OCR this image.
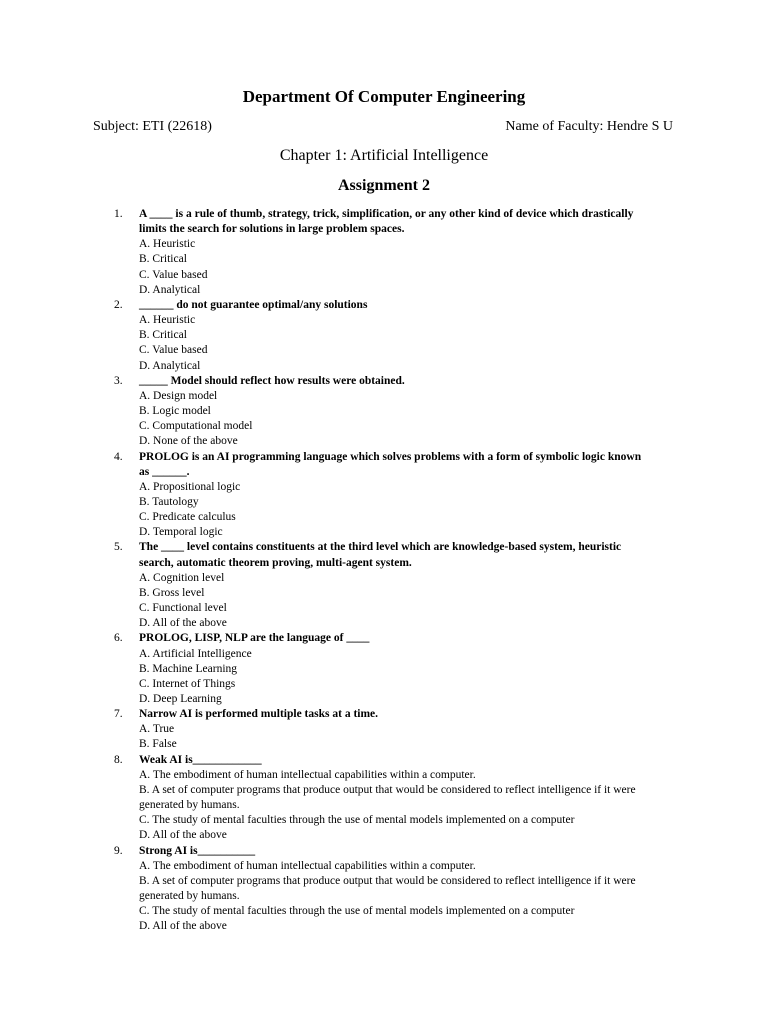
Department Of Computer Engineering
Subject: ETI (22618)	Name of Faculty: Hendre S U
Chapter 1: Artificial Intelligence
Assignment 2
1. A ____ is a rule of thumb, strategy, trick, simplification, or any other kind of device which drastically limits the search for solutions in large problem spaces.
A. Heuristic
B. Critical
C. Value based
D. Analytical
2. ______ do not guarantee optimal/any solutions
A. Heuristic
B. Critical
C. Value based
D. Analytical
3. _____ Model should reflect how results were obtained.
A. Design model
B. Logic model
C. Computational model
D. None of the above
4. PROLOG is an AI programming language which solves problems with a form of symbolic logic known as ______.
A. Propositional logic
B. Tautology
C. Predicate calculus
D. Temporal logic
5. The ____ level contains constituents at the third level which are knowledge-based system, heuristic search, automatic theorem proving, multi-agent system.
A. Cognition level
B. Gross level
C. Functional level
D. All of the above
6. PROLOG, LISP, NLP are the language of ____
A. Artificial Intelligence
B. Machine Learning
C. Internet of Things
D. Deep Learning
7. Narrow AI is performed multiple tasks at a time.
A. True
B. False
8. Weak AI is____________
A. The embodiment of human intellectual capabilities within a computer.
B. A set of computer programs that produce output that would be considered to reflect intelligence if it were generated by humans.
C. The study of mental faculties through the use of mental models implemented on a computer
D. All of the above
9. Strong AI is__________
A. The embodiment of human intellectual capabilities within a computer.
B. A set of computer programs that produce output that would be considered to reflect intelligence if it were generated by humans.
C. The study of mental faculties through the use of mental models implemented on a computer
D. All of the above
